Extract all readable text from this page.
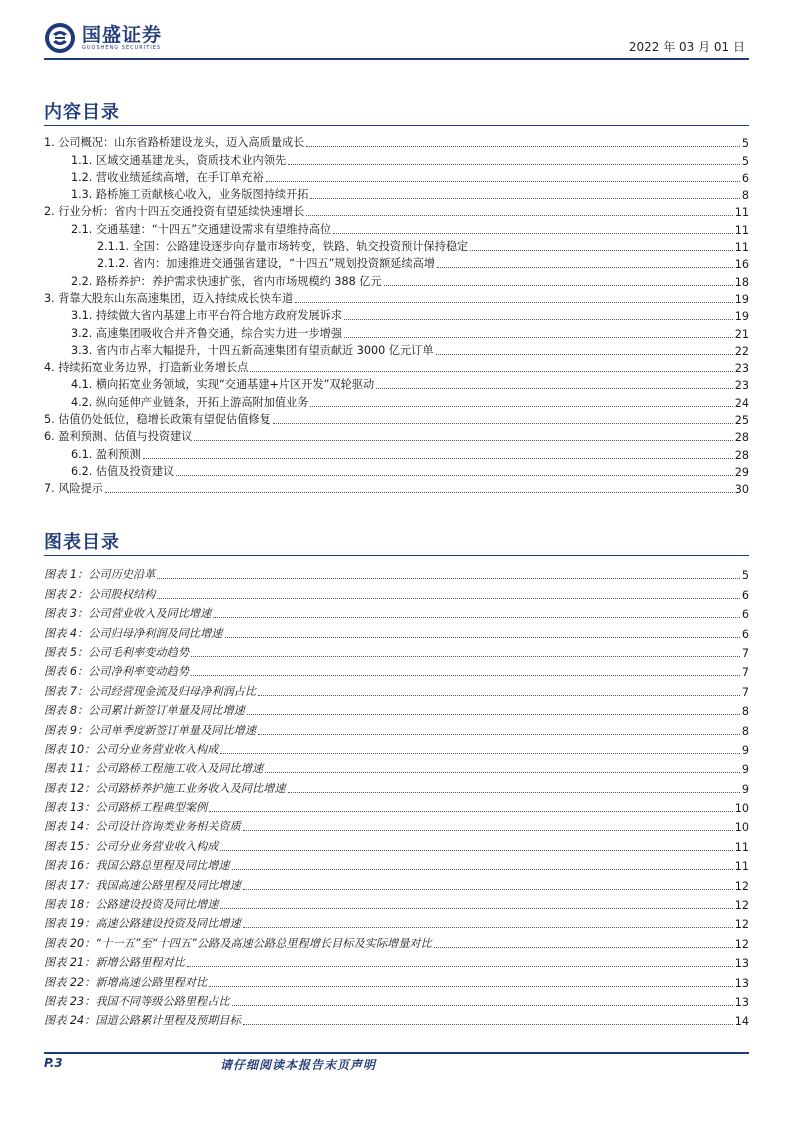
国盛证券
GUOSHENG SECURITIES	2022 年 03 月 01 日
内容目录
1. 公司概况：山东省路桥建设龙头，迈入高质量成长	5
1.1. 区域交通基建龙头，资质技术业内领先	5
1.2. 营收业绩延续高增，在手订单充裕	6
1.3. 路桥施工贡献核心收入，业务版图持续开拓	8
2. 行业分析：省内十四五交通投资有望延续快速增长	11
2.1. 交通基建：“十四五”交通建设需求有望维持高位	11
2.1.1. 全国：公路建设逐步向存量市场转变，铁路、轨交投资预计保持稳定	11
2.1.2. 省内：加速推进交通强省建设，“十四五”规划投资额延续高增	16
2.2. 路桥养护：养护需求快速扩张，省内市场规模约 388 亿元	18
3. 背靠大股东山东高速集团，迈入持续成长快车道	19
3.1. 持续做大省内基建上市平台符合地方政府发展诉求	19
3.2. 高速集团吸收合并齐鲁交通，综合实力进一步增强	21
3.3. 省内市占率大幅提升，十四五新高速集团有望贡献近 3000 亿元订单	22
4. 持续拓宽业务边界，打造新业务增长点	23
4.1. 横向拓宽业务领域，实现“交通基建+片区开发”双轮驱动	23
4.2. 纵向延伸产业链条，开拓上游高附加值业务	24
5. 估值仍处低位，稳增长政策有望促估值修复	25
6. 盈利预测、估值与投资建议	28
6.1. 盈利预测	28
6.2. 估值及投资建议	29
7. 风险提示	30
图表目录
图表 1：公司历史沿革	5
图表 2：公司股权结构	6
图表 3：公司营业收入及同比增速	6
图表 4：公司归母净利润及同比增速	6
图表 5：公司毛利率变动趋势	7
图表 6：公司净利率变动趋势	7
图表 7：公司经营现金流及归母净利润占比	7
图表 8：公司累计新签订单量及同比增速	8
图表 9：公司单季度新签订单量及同比增速	8
图表 10：公司分业务营业收入构成	9
图表 11：公司路桥工程施工收入及同比增速	9
图表 12：公司路桥养护施工业务收入及同比增速	9
图表 13：公司路桥工程典型案例	10
图表 14：公司设计咨询类业务相关资质	10
图表 15：公司分业务营业收入构成	11
图表 16：我国公路总里程及同比增速	11
图表 17：我国高速公路里程及同比增速	12
图表 18：公路建设投资及同比增速	12
图表 19：高速公路建设投资及同比增速	12
图表 20：“十一五”至“十四五”公路及高速公路总里程增长目标及实际增量对比	12
图表 21：新增公路里程对比	13
图表 22：新增高速公路里程对比	13
图表 23：我国不同等级公路里程占比	13
图表 24：国道公路累计里程及预期目标	14
P.3	请仔细阅读本报告末页声明
